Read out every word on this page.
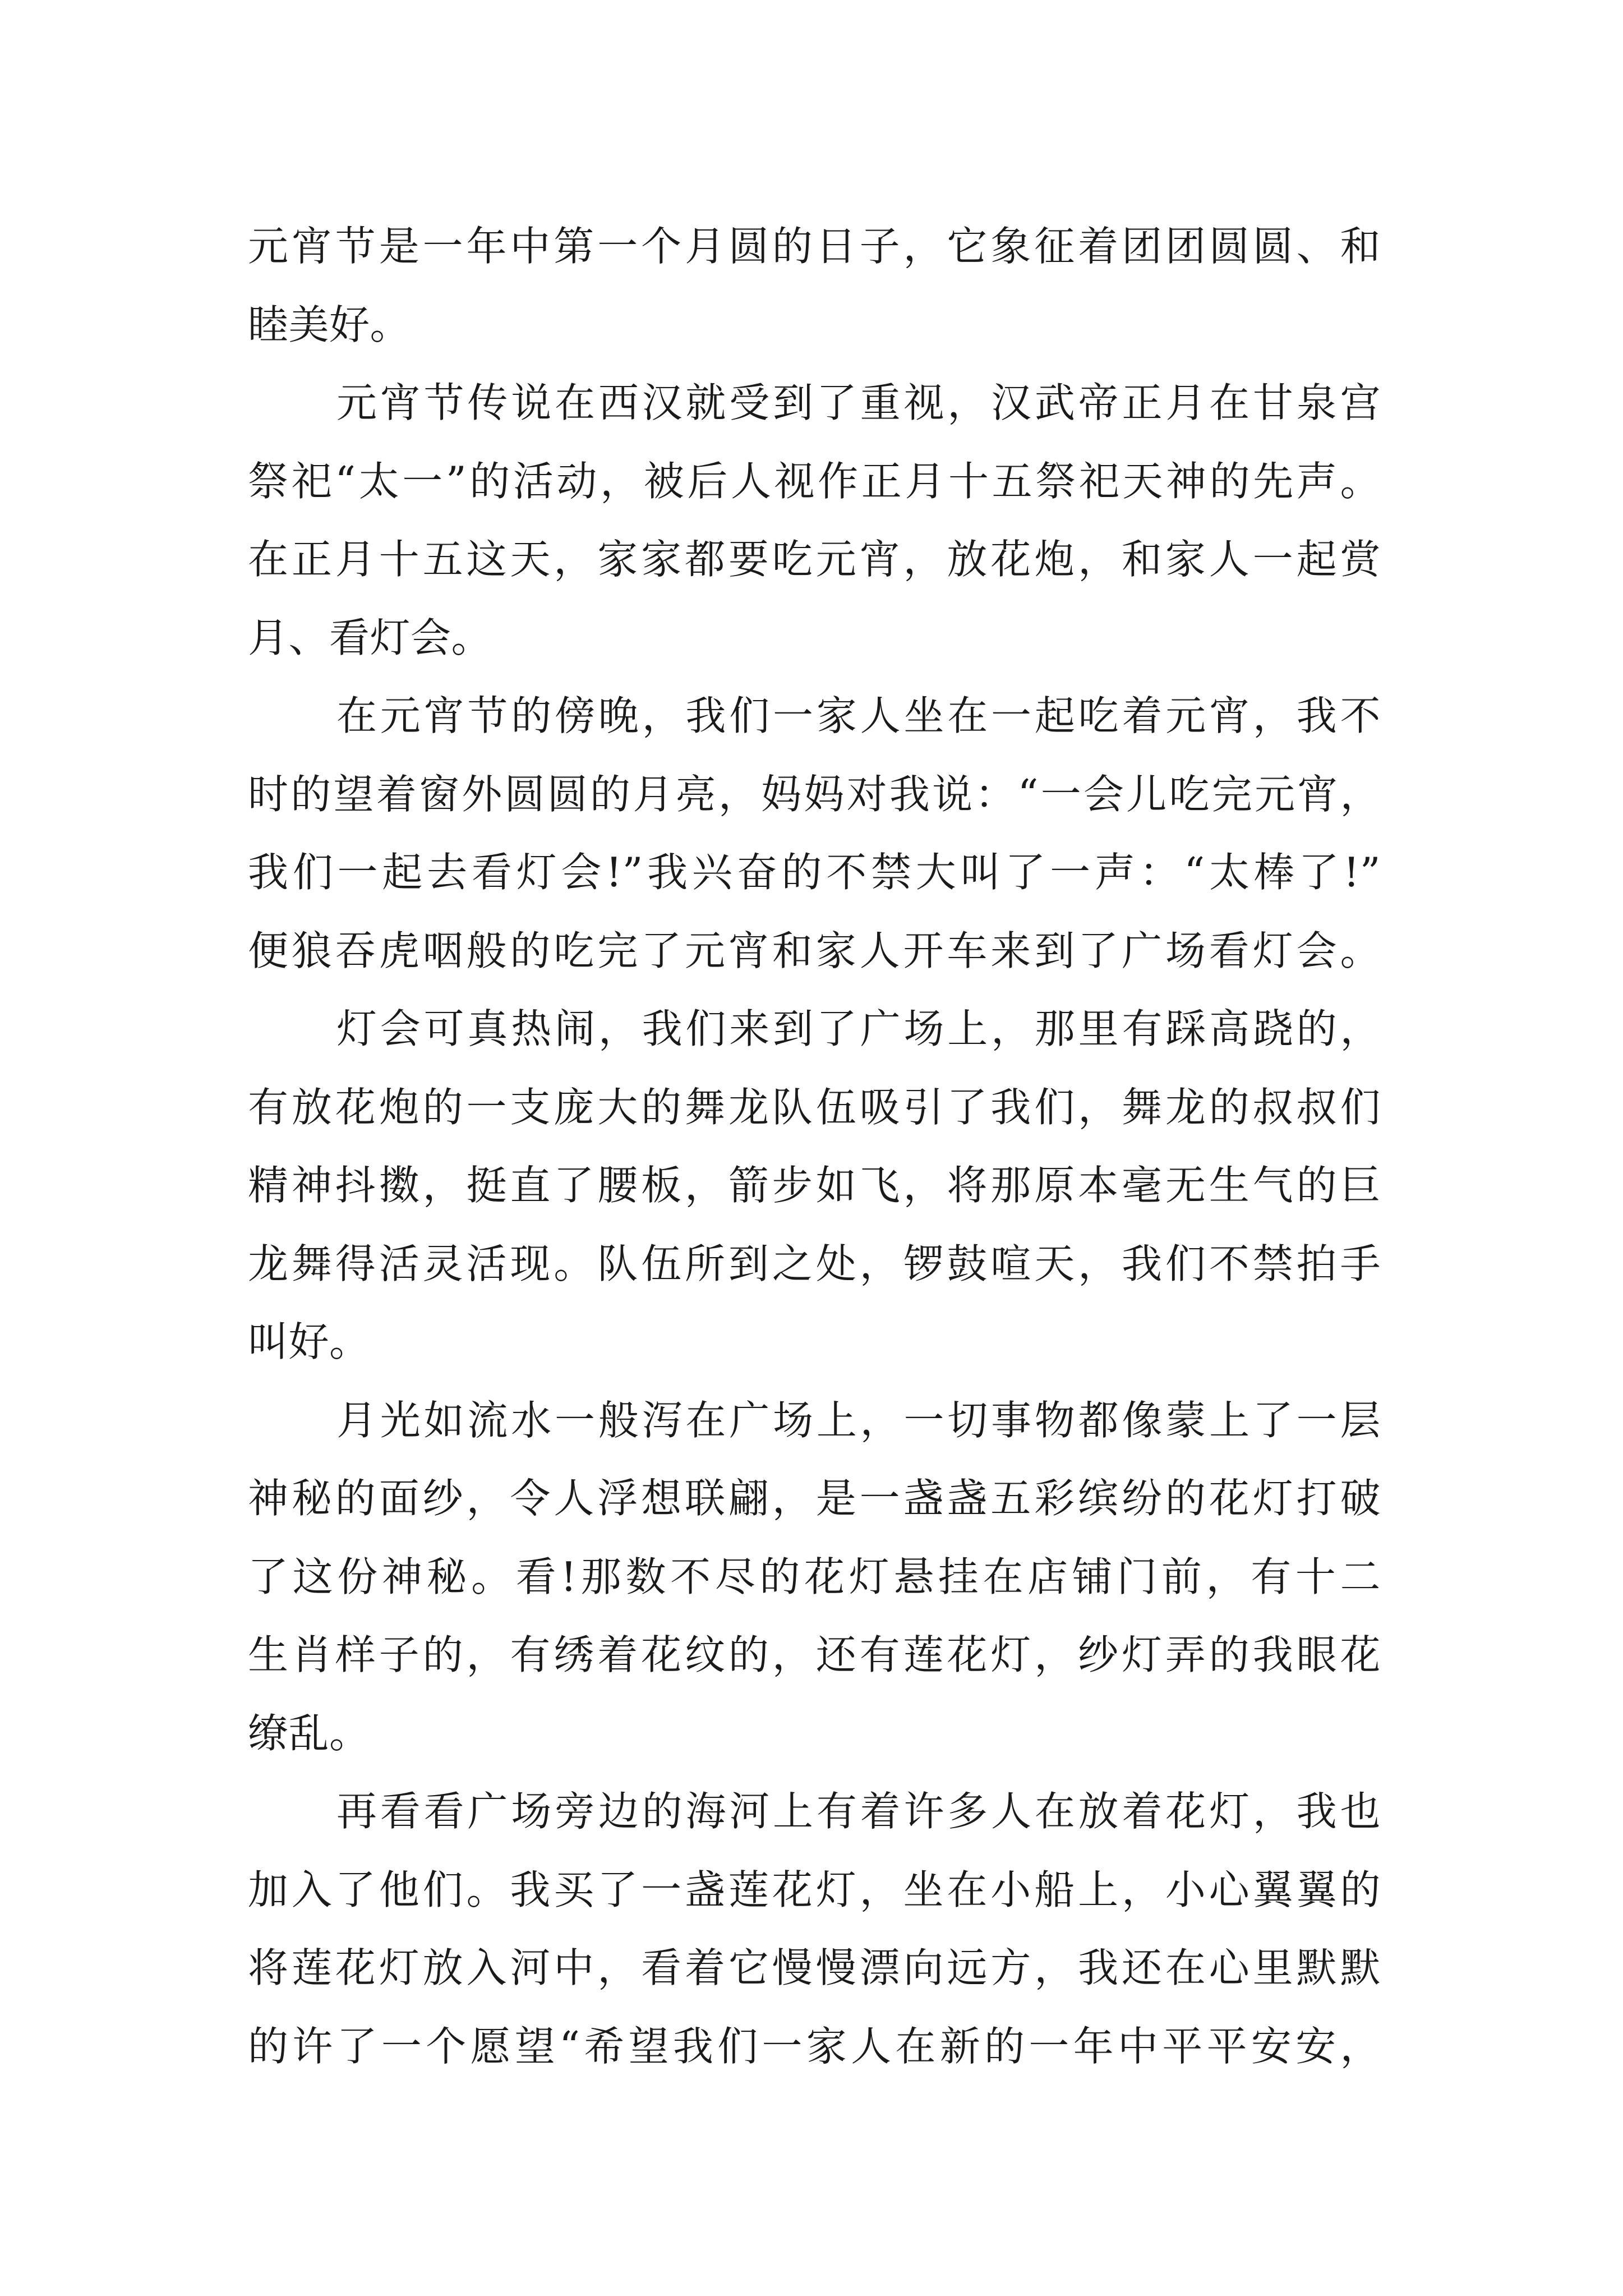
元宵节是一年中第一个月圆的日子，它象征着团团圆圆、和
睦美好。
元宵节传说在西汉就受到了重视，汉武帝正月在甘泉宫
祭祀“太一”的活动，被后人视作正月十五祭祀天神的先声。
在正月十五这天，家家都要吃元宵，放花炮，和家人一起赏
月、看灯会。
在元宵节的傍晚，我们一家人坐在一起吃着元宵，我不
时的望着窗外圆圆的月亮，妈妈对我说：“一会儿吃完元宵，
我们一起去看灯会!”我兴奋的不禁大叫了一声：“太棒了!”
便狼吞虎咽般的吃完了元宵和家人开车来到了广场看灯会。
灯会可真热闹，我们来到了广场上，那里有踩高跷的，
有放花炮的一支庞大的舞龙队伍吸引了我们，舞龙的叔叔们
精神抖擞，挺直了腰板，箭步如飞，将那原本毫无生气的巨
龙舞得活灵活现。队伍所到之处，锣鼓喧天，我们不禁拍手
叫好。
月光如流水一般泻在广场上，一切事物都像蒙上了一层
神秘的面纱，令人浮想联翩，是一盏盏五彩缤纷的花灯打破
了这份神秘。看!那数不尽的花灯悬挂在店铺门前，有十二
生肖样子的，有绣着花纹的，还有莲花灯，纱灯弄的我眼花
缭乱。
再看看广场旁边的海河上有着许多人在放着花灯，我也
加入了他们。我买了一盏莲花灯，坐在小船上，小心翼翼的
将莲花灯放入河中，看着它慢慢漂向远方，我还在心里默默
的许了一个愿望“希望我们一家人在新的一年中平平安安，
